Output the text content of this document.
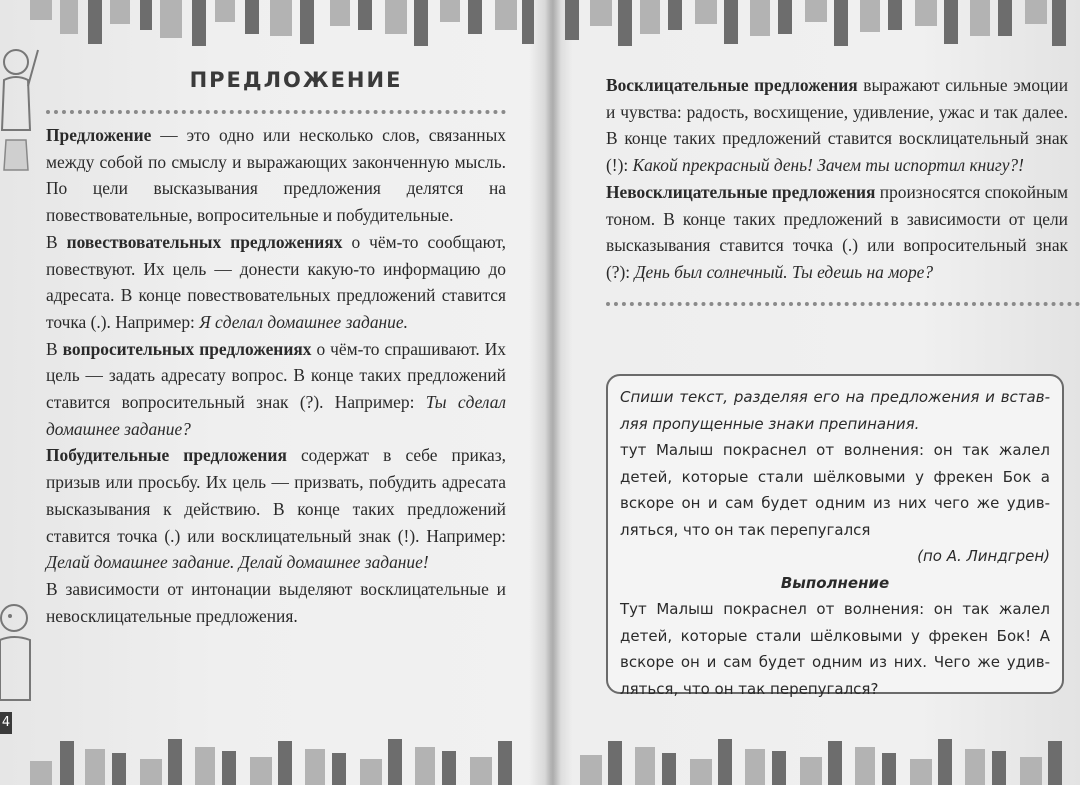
4
ПРЕДЛОЖЕНИЕ

Предложение — это одно или несколько слов, связанных между собой по смыслу и выражающих законченную мысль. По цели высказывания предложения делятся на повествовательные, вопросительные и побудительные.

В повествовательных предложениях о чём-то сообщают, повествуют. Их цель — донести какую-то информацию до адресата. В конце повествовательных предложений ставится точка (.). Например: Я сделал домашнее задание.

В вопросительных предложениях о чём-то спрашивают. Их цель — задать адресату вопрос. В конце таких предложений ставится вопросительный знак (?). Например: Ты сделал домашнее задание?

Побудительные предложения содержат в себе приказ, призыв или просьбу. Их цель — призвать, побудить адресата высказывания к действию. В конце таких предложений ставится точка (.) или восклицательный знак (!). Например: Делай домашнее задание. Делай домашнее задание!

В зависимости от интонации выделяют восклицательные и невосклицательные предложения.

Восклицательные предложения выражают сильные эмоции и чувства: радость, восхищение, удивление, ужас и так далее. В конце таких предложений ставится восклицательный знак (!): Какой прекрасный день! Зачем ты испортил книгу?!

Невосклицательные предложения произносятся спокойным тоном. В конце таких предложений в зависимости от цели высказывания ставится точка (.) или вопросительный знак (?): День был солнечный. Ты едешь на море?

Спиши текст, разделяя его на предложения и вставляя пропущенные знаки препинания.

тут Малыш покраснел от волнения: он так жалел детей, которые стали шёлковыми у фрекен Бок а вскоре он и сам будет одним из них чего же удивляться, что он так перепугался

(по А. Линдгрен)

Выполнение

Тут Малыш покраснел от волнения: он так жалел детей, которые стали шёлковыми у фрекен Бок! А вскоре он и сам будет одним из них. Чего же удивляться, что он так перепугался?
